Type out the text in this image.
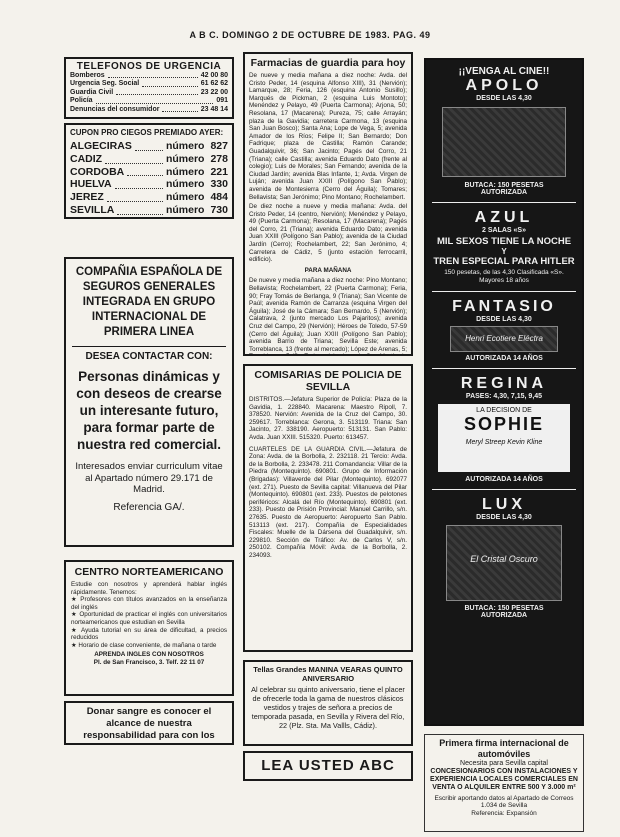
A B C. DOMINGO 2 DE OCTUBRE DE 1983. PAG. 49
TELEFONOS DE URGENCIA
Bomberos	42 00 80
Urgencia Seg. Social	61 62 62
Guardia Civil	23 22 00
Policía	091
Denuncias del consumidor	23 48 14
CUPON PRO CIEGOS PREMIADO AYER:
ALGECIRAS	número 827
CADIZ	número 278
CORDOBA	número 221
HUELVA	número 330
JEREZ	número 484
SEVILLA	número 730
COMPAÑIA ESPAÑOLA DE SEGUROS GENERALES INTEGRADA EN GRUPO INTERNACIONAL DE PRIMERA LINEA
DESEA CONTACTAR CON:
Personas dinámicas y con deseos de crearse un interesante futuro, para formar parte de nuestra red comercial.
Interesados enviar curriculum vitae al Apartado número 29.171 de Madrid.
Referencia GA/.
CENTRO NORTEAMERICANO
Estudie con nosotros y aprenderá hablar inglés rápidamente. Tenemos:
★ Profesores con títulos avanzados en la enseñanza del inglés
★ Oportunidad de practicar el inglés con universitarios norteamericanos que estudian en Sevilla
★ Ayuda tutorial en su área de dificultad, a precios reducidos
★ Horario de clase conveniente, de mañana o tarde
APRENDA INGLES CON NOSOTROS
Pl. de San Francisco, 3. Telf. 22 11 07
Donar sangre es conocer el alcance de nuestra responsabilidad para con los
Farmacias de guardia para hoy
De nueve y media mañana a diez noche: Avda. del Cristo Peder, 14 (esquina Alfonso XIII), 31 (Nervión); Lamarque, 28; Feria, 126 (esquina Antonio Susillo); Marqués de Pickman, 2 (esquina Luis Montoto); Menéndez y Pelayo, 49 (Puerta Carmona); Arjona, 50; Resolana, 17 (Macarena); Pureza, 75; calle Arrayán; plaza de la Gavidia; carretera Carmona, 13 (esquina San Juan Bosco); Santa Ana; Lope de Vega, 5; avenida Amador de los Ríos; Felipe II; San Bernardo; Don Fadrique; plaza de Castilla; Ramón Carande; Guadalquivir, 36; San Jacinto; Pagés del Corro, 21 (Triana); calle Castilla; avenida Eduardo Dato (frente al colegio); Luis de Morales; San Fernando; avenida de la Ciudad Jardín; avenida Blas Infante, 1; Avda. Virgen de Luján; avenida Juan XXIII (Polígono San Pablo); avenida de Montesierra (Cerro del Águila); Tomares; Bellavista; San Jerónimo; Pino Montano; Rochelambert.
De diez noche a nueve y media mañana: Avda. del Cristo Peder, 14 (centro, Nervión); Menéndez y Pelayo, 49 (Puerta Carmona); Resolana, 17 (Macarena); Pagés del Corro, 21 (Triana); avenida Eduardo Dato; avenida Juan XXIII (Polígono San Pablo); avenida de la Ciudad Jardín (Cerro); Rochelambert, 22; San Jerónimo, 4; Carretera de Cádiz, 5 (junto estación ferrocarril, edificio).
PARA MAÑANA
De nueve y media mañana a diez noche: Pino Montano; Bellavista; Rochelambert, 22 (Puerta Carmona); Feria, 90; Fray Tomás de Berlanga, 9 (Triana); San Vicente de Paúl; avenida Ramón de Carranza (esquina Virgen del Águila); José de la Cámara; San Bernardo, 5 (Nervión); Calatrava, 2 (junto mercado Los Pajaritos); avenida Cruz del Campo, 29 (Nervión); Héroes de Toledo, 57-59 (Cerro del Águila); Juan XXIII (Polígono San Pablo); avenida Barrio de Triana; Sevilla Este; avenida Torreblanca, 13 (frente al mercado); López de Arenas, 5;
COMISARIAS DE POLICIA DE SEVILLA
DISTRITOS.—Jefatura Superior de Policía: Plaza de la Gavidia, 1. 228840. Macarena: Maestro Ripoll, 7. 378520. Nervión: Avenida de la Cruz del Campo, 30. 259617. Torreblanca: Gerona, 3. 513119. Triana: San Jacinto, 27. 338190. Aeropuerto: 513131. San Pablo: Avda. Juan XXIII. 515320. Puerto: 613457.
CUARTELES DE LA GUARDIA CIVIL.—Jefatura de Zona: Avda. de la Borbolla, 2. 232118. 21 Tercio: Avda. de la Borbolla, 2. 233478. 211 Comandancia: Villar de la Piedra (Montequinto). 690801. Grupo de Información (Brigadas): Villaverde del Pilar (Montequinto). 692077 (ext. 271). Puesto de Sevilla capital: Villanueva del Pilar (Montequinto). 690801 (ext. 233). Puestos de pelotones periféricos: Alcalá del Río (Montequinto). 690801 (ext. 233). Puesto de Prisión Provincial: Manuel Carrillo, s/n. 27635. Puesto de Aeropuerto: Aeropuerto San Pablo. 513113 (ext. 217). Compañía de Especialidades Fiscales: Muelle de la Dársena del Guadalquivir, s/n. 229810. Sección de Tráfico: Av. de Carlos V, s/n. 250102. Compañía Móvil: Avda. de la Borbolla, 2. 234093.
Tellas Grandes MANINA VEARAS QUINTO ANIVERSARIO
Al celebrar su quinto aniversario, tiene el placer de ofrecerle toda la gama de nuestros clásicos vestidos y trajes de señora a precios de temporada pasada, en Sevilla y Rivera del Río, 22 (Plz. Sta. Ma Vallls, Cádiz).
LEA USTED ABC
¡¡VENGA AL CINE!!
APOLO
DESDE LAS 4,30
BUTACA: 150 PESETAS
AUTORIZADA
AZUL
2 SALAS «S»
MIL SEXOS TIENE LA NOCHE
Y
TREN ESPECIAL PARA HITLER
150 pesetas, de las 4,30 Clasificada «S». Mayores 18 años
FANTASIO
DESDE LAS 4,30
Henri Ecotiere Eléctra
AUTORIZADA 14 AÑOS
REGINA
PASES: 4,30, 7,15, 9,45
LA DECISION DE
SOPHIE
Meryl Streep Kevin Kline
AUTORIZADA 14 AÑOS
LUX
DESDE LAS 4,30
El Cristal Oscuro
BUTACA: 150 PESETAS
AUTORIZADA
Primera firma internacional de automóviles
Necesita para Sevilla capital
CONCESIONARIOS CON INSTALACIONES Y EXPERIENCIA LOCALES COMERCIALES EN VENTA O ALQUILER ENTRE 500 Y 3.000 m²
Escribir aportando datos al Apartado de Correos 1.034 de Sevilla
Referencia: Expansión
